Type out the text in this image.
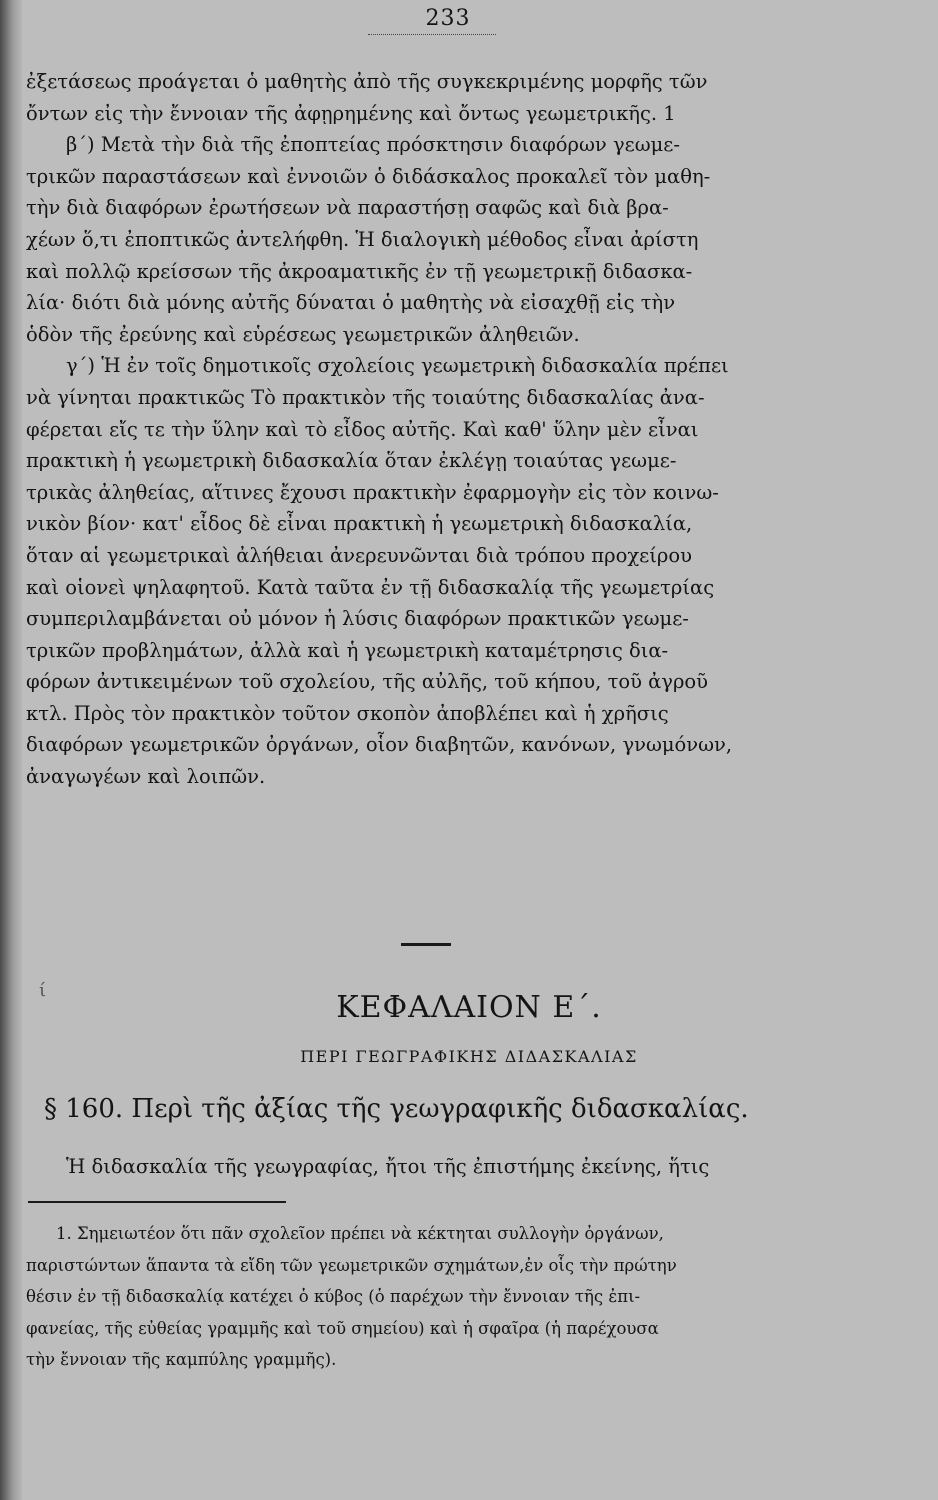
233
ἐξετάσεως προάγεται ὁ μαθητὴς ἀπὸ τῆς συγκεκριμένης μορφῆς τῶν
ὄντων εἰς τὴν ἔννοιαν τῆς ἀφῃρημένης καὶ ὄντως γεωμετρικῆς. 1
β΄) Μετὰ τὴν διὰ τῆς ἐποπτείας πρόσκτησιν διαφόρων γεωμε-
τρικῶν παραστάσεων καὶ ἐννοιῶν ὁ διδάσκαλος προκαλεῖ τὸν μαθη-
τὴν διὰ διαφόρων ἐρωτήσεων νὰ παραστήσῃ σαφῶς καὶ διὰ βρα-
χέων ὅ,τι ἐποπτικῶς ἀντελήφθη. Ἡ διαλογικὴ μέθοδος εἶναι ἀρίστη
καὶ πολλῷ κρείσσων τῆς ἀκροαματικῆς ἐν τῇ γεωμετρικῇ διδασκα-
λία· διότι διὰ μόνης αὐτῆς δύναται ὁ μαθητὴς νὰ εἰσαχθῇ εἰς τὴν
ὁδὸν τῆς ἐρεύνης καὶ εὑρέσεως γεωμετρικῶν ἀληθειῶν.
γ΄) Ἡ ἐν τοῖς δημοτικοῖς σχολείοις γεωμετρικὴ διδασκαλία πρέπει
νὰ γίνηται πρακτικῶς Τὸ πρακτικὸν τῆς τοιαύτης διδασκαλίας ἀνα-
φέρεται εἴς τε τὴν ὕλην καὶ τὸ εἶδος αὐτῆς. Καὶ καθ' ὕλην μὲν εἶναι
πρακτικὴ ἡ γεωμετρικὴ διδασκαλία ὅταν ἐκλέγῃ τοιαύτας γεωμε-
τρικὰς ἀληθείας, αἵτινες ἔχουσι πρακτικὴν ἐφαρμογὴν εἰς τὸν κοινω-
νικὸν βίον· κατ' εἶδος δὲ εἶναι πρακτικὴ ἡ γεωμετρικὴ διδασκαλία,
ὅταν αἱ γεωμετρικαὶ ἀλήθειαι ἀνερευνῶνται διὰ τρόπου προχείρου
καὶ οἱονεὶ ψηλαφητοῦ. Κατὰ ταῦτα ἐν τῇ διδασκαλίᾳ τῆς γεωμετρίας
συμπεριλαμβάνεται οὐ μόνον ἡ λύσις διαφόρων πρακτικῶν γεωμε-
τρικῶν προβλημάτων, ἀλλὰ καὶ ἡ γεωμετρικὴ καταμέτρησις δια-
φόρων ἀντικειμένων τοῦ σχολείου, τῆς αὐλῆς, τοῦ κήπου, τοῦ ἀγροῦ
κτλ. Πρὸς τὸν πρακτικὸν τοῦτον σκοπὸν ἀποβλέπει καὶ ἡ χρῆσις
διαφόρων γεωμετρικῶν ὀργάνων, οἷον διαβητῶν, κανόνων, γνωμόνων,
ἀναγωγέων καὶ λοιπῶν.
ί	ΚΕΦΑΛΑΙΟΝ Ε΄.
ΠΕΡΙ ΓΕΩΓΡΑΦΙΚΗΣ ΔΙΔΑΣΚΑΛΙΑΣ
§ 160. Περὶ τῆς ἀξίας τῆς γεωγραφικῆς διδασκαλίας.
Ἡ διδασκαλία τῆς γεωγραφίας, ἤτοι τῆς ἐπιστήμης ἐκείνης, ἥτις
1. Σημειωτέον ὅτι πᾶν σχολεῖον πρέπει νὰ κέκτηται συλλογὴν ὀργάνων,
παριστώντων ἅπαντα τὰ εἴδη τῶν γεωμετρικῶν σχημάτων,ἐν οἷς τὴν πρώτην
θέσιν ἐν τῇ διδασκαλίᾳ κατέχει ὁ κύβος (ὁ παρέχων τὴν ἔννοιαν τῆς ἐπι-
φανείας, τῆς εὐθείας γραμμῆς καὶ τοῦ σημείου) καὶ ἡ σφαῖρα (ἡ παρέχουσα
τὴν ἔννοιαν τῆς καμπύλης γραμμῆς).
